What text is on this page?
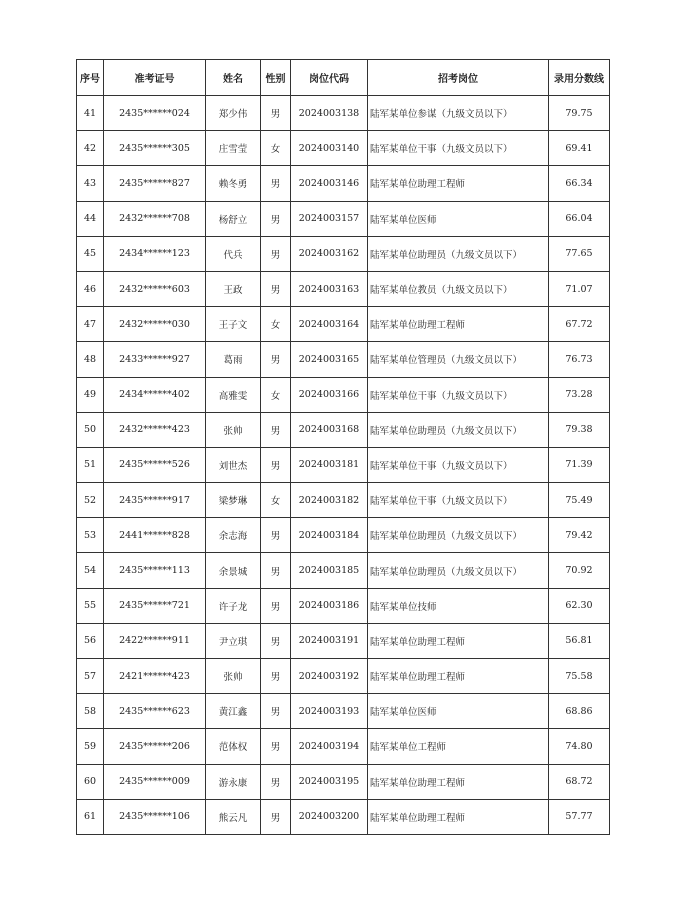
序号	准考证号	姓名	性别	岗位代码	招考岗位	录用分数线
41	2435******024	郑少伟	男	2024003138	陆军某单位参谋（九级文员以下）	79.75
42	2435******305	庄雪莹	女	2024003140	陆军某单位干事（九级文员以下）	69.41
43	2435******827	赖冬勇	男	2024003146	陆军某单位助理工程师	66.34
44	2432******708	杨舒立	男	2024003157	陆军某单位医师	66.04
45	2434******123	代兵	男	2024003162	陆军某单位助理员（九级文员以下）	77.65
46	2432******603	王政	男	2024003163	陆军某单位教员（九级文员以下）	71.07
47	2432******030	王子文	女	2024003164	陆军某单位助理工程师	67.72
48	2433******927	葛雨	男	2024003165	陆军某单位管理员（九级文员以下）	76.73
49	2434******402	高雅雯	女	2024003166	陆军某单位干事（九级文员以下）	73.28
50	2432******423	张帅	男	2024003168	陆军某单位助理员（九级文员以下）	79.38
51	2435******526	刘世杰	男	2024003181	陆军某单位干事（九级文员以下）	71.39
52	2435******917	梁梦琳	女	2024003182	陆军某单位干事（九级文员以下）	75.49
53	2441******828	余志海	男	2024003184	陆军某单位助理员（九级文员以下）	79.42
54	2435******113	余景城	男	2024003185	陆军某单位助理员（九级文员以下）	70.92
55	2435******721	许子龙	男	2024003186	陆军某单位技师	62.30
56	2422******911	尹立琪	男	2024003191	陆军某单位助理工程师	56.81
57	2421******423	张帅	男	2024003192	陆军某单位助理工程师	75.58
58	2435******623	黄江鑫	男	2024003193	陆军某单位医师	68.86
59	2435******206	范体权	男	2024003194	陆军某单位工程师	74.80
60	2435******009	游永康	男	2024003195	陆军某单位助理工程师	68.72
61	2435******106	熊云凡	男	2024003200	陆军某单位助理工程师	57.77
